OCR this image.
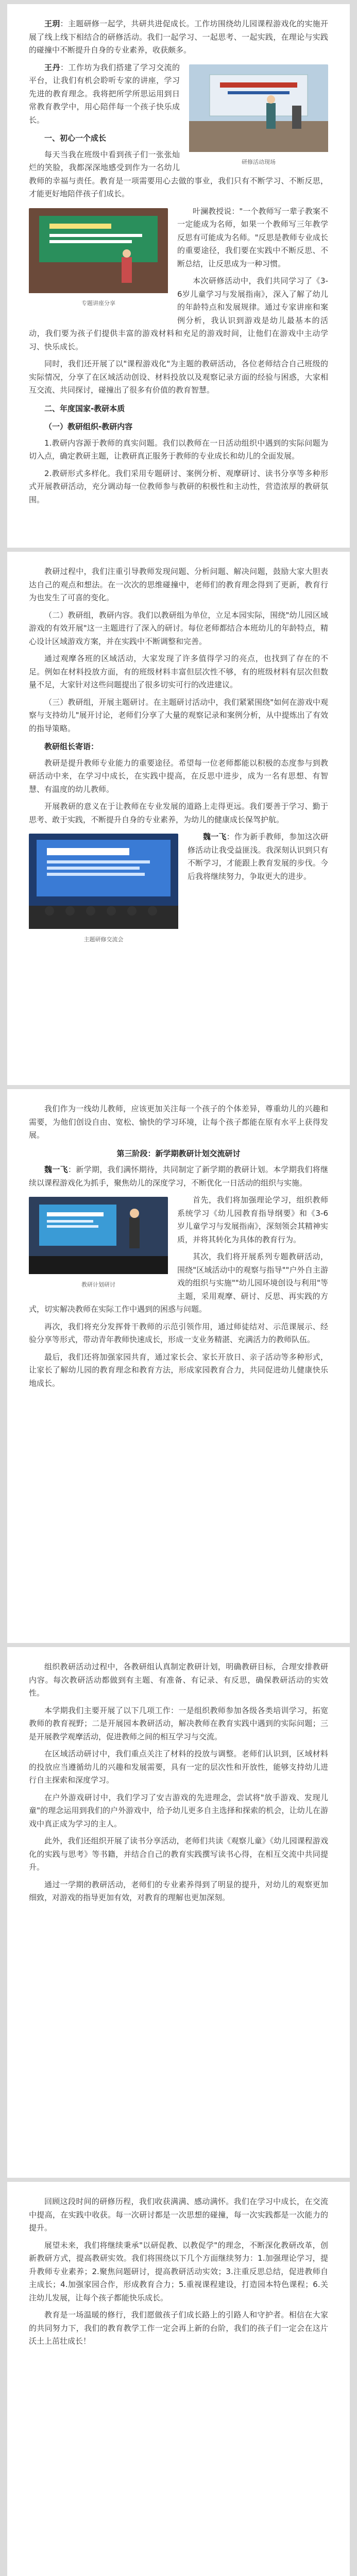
王玥：主题研修一起学，共研共进促成长。工作坊围绕幼儿园课程游戏化的实施开展了线上线下相结合的研修活动。我们一起学习、一起思考、一起实践，在理论与实践的碰撞中不断提升自身的专业素养，收获颇多。

研修活动现场

王丹：工作坊为我们搭建了学习交流的平台，让我们有机会聆听专家的讲座，学习先进的教育理念。我将把所学所思运用到日常教育教学中，用心陪伴每一个孩子快乐成长。

一、初心一个成长

每天当我在班级中看到孩子们一张张灿烂的笑脸，我都深深地感受到作为一名幼儿教师的幸福与责任。教育是一项需要用心去做的事业，我们只有不断学习、不断反思，才能更好地陪伴孩子们成长。

专题讲座分享

叶澜教授说："一个教师写一辈子教案不一定能成为名师，如果一个教师写三年教学反思有可能成为名师。"反思是教师专业成长的重要途径，我们要在实践中不断反思、不断总结，让反思成为一种习惯。

本次研修活动中，我们共同学习了《3-6岁儿童学习与发展指南》，深入了解了幼儿的年龄特点和发展规律。通过专家讲座和案例分析，我认识到游戏是幼儿最基本的活动，我们要为孩子们提供丰富的游戏材料和充足的游戏时间，让他们在游戏中主动学习、快乐成长。

同时，我们还开展了以"课程游戏化"为主题的教研活动，各位老师结合自己班级的实际情况，分享了在区域活动创设、材料投放以及观察记录方面的经验与困惑，大家相互交流、共同探讨，碰撞出了很多有价值的教育智慧。

二、年度国家-教研本质
（一）教研组织-教研内容

1.教研内容源于教师的真实问题。我们以教师在一日活动组织中遇到的实际问题为切入点，确定教研主题，让教研真正服务于教师的专业成长和幼儿的全面发展。

2.教研形式多样化。我们采用专题研讨、案例分析、观摩研讨、读书分享等多种形式开展教研活动，充分调动每一位教师参与教研的积极性和主动性，营造浓厚的教研氛围。

教研过程中，我们注重引导教师发现问题、分析问题、解决问题，鼓励大家大胆表达自己的观点和想法。在一次次的思维碰撞中，老师们的教育理念得到了更新，教育行为也发生了可喜的变化。

（二）教研组，教研内容。我们以教研组为单位，立足本园实际，围绕"幼儿园区域游戏的有效开展"这一主题进行了深入的研讨。每位老师都结合本班幼儿的年龄特点，精心设计区域游戏方案，并在实践中不断调整和完善。

通过观摩各班的区域活动，大家发现了许多值得学习的亮点，也找到了存在的不足。例如在材料投放方面，有的班级材料丰富但层次性不够，有的班级材料有层次但数量不足，大家针对这些问题提出了很多切实可行的改进建议。

（三）教研组，开展主题研讨。在主题研讨活动中，我们紧紧围绕"如何在游戏中观察与支持幼儿"展开讨论，老师们分享了大量的观察记录和案例分析，从中提炼出了有效的指导策略。

教研组长寄语：

教研是提升教师专业能力的重要途径。希望每一位老师都能以积极的态度参与到教研活动中来，在学习中成长，在实践中提高，在反思中进步，成为一名有思想、有智慧、有温度的幼儿教师。

开展教研的意义在于让教师在专业发展的道路上走得更远。我们要善于学习、勤于思考、敢于实践，不断提升自身的专业素养，为幼儿的健康成长保驾护航。

主题研修交流会

魏一飞：作为新手教师，参加这次研修活动让我受益匪浅。我深刻认识到只有不断学习，才能跟上教育发展的步伐。今后我将继续努力，争取更大的进步。

我们作为一线幼儿教师，应该更加关注每一个孩子的个体差异，尊重幼儿的兴趣和需要，为他们创设自由、宽松、愉快的学习环境，让每个孩子都能在原有水平上获得发展。

第三阶段：新学期教研计划交流研讨

魏一飞：新学期，我们满怀期待，共同制定了新学期的教研计划。本学期我们将继续以课程游戏化为抓手，聚焦幼儿的深度学习，不断优化一日活动的组织与实施。

教研计划研讨

首先，我们将加强理论学习，组织教师系统学习《幼儿园教育指导纲要》和《3-6岁儿童学习与发展指南》，深刻领会其精神实质，并将其转化为具体的教育行为。

其次，我们将开展系列专题教研活动，围绕"区域活动中的观察与指导""户外自主游戏的组织与实施""幼儿园环境创设与利用"等主题，采用观摩、研讨、反思、再实践的方式，切实解决教师在实际工作中遇到的困惑与问题。

再次，我们将充分发挥骨干教师的示范引领作用，通过师徒结对、示范课展示、经验分享等形式，带动青年教师快速成长，形成一支业务精湛、充满活力的教师队伍。

最后，我们还将加强家园共育，通过家长会、家长开放日、亲子活动等多种形式，让家长了解幼儿园的教育理念和教育方法，形成家园教育合力，共同促进幼儿健康快乐地成长。

组织教研活动过程中，各教研组认真制定教研计划，明确教研目标，合理安排教研内容。每次教研活动都做到有主题、有准备、有记录、有反思，确保教研活动的实效性。

本学期我们主要开展了以下几项工作：一是组织教师参加各级各类培训学习，拓宽教师的教育视野；二是开展园本教研活动，解决教师在教育实践中遇到的实际问题；三是开展教学观摩活动，促进教师之间的相互学习与交流。

在区域活动研讨中，我们重点关注了材料的投放与调整。老师们认识到，区域材料的投放应当遵循幼儿的兴趣和发展需要，具有一定的层次性和开放性，能够支持幼儿进行自主探索和深度学习。

在户外游戏研讨中，我们学习了安吉游戏的先进理念，尝试将"放手游戏、发现儿童"的理念运用到我们的户外游戏中，给予幼儿更多自主选择和探索的机会，让幼儿在游戏中真正成为学习的主人。

此外，我们还组织开展了读书分享活动，老师们共读《观察儿童》《幼儿园课程游戏化的实践与思考》等书籍，并结合自己的教育实践撰写读书心得，在相互交流中共同提升。

通过一学期的教研活动，老师们的专业素养得到了明显的提升，对幼儿的观察更加细致，对游戏的指导更加有效，对教育的理解也更加深刻。

回顾这段时间的研修历程，我们收获满满、感动满怀。我们在学习中成长，在交流中提高，在实践中收获。每一次研讨都是一次思想的碰撞，每一次实践都是一次能力的提升。

展望未来，我们将继续秉承"以研促教、以教促学"的理念，不断深化教研改革，创新教研方式，提高教研实效。我们将围绕以下几个方面继续努力：1.加强理论学习，提升教师专业素养；2.聚焦问题研讨，提高教研活动实效；3.注重反思总结，促进教师自主成长；4.加强家园合作，形成教育合力；5.重视课程建设，打造园本特色课程；6.关注幼儿发展，让每个孩子都能快乐成长。

教育是一场温暖的修行，我们愿做孩子们成长路上的引路人和守护者。相信在大家的共同努力下，我们的教育教学工作一定会再上新的台阶，我们的孩子们一定会在这片沃土上茁壮成长！
